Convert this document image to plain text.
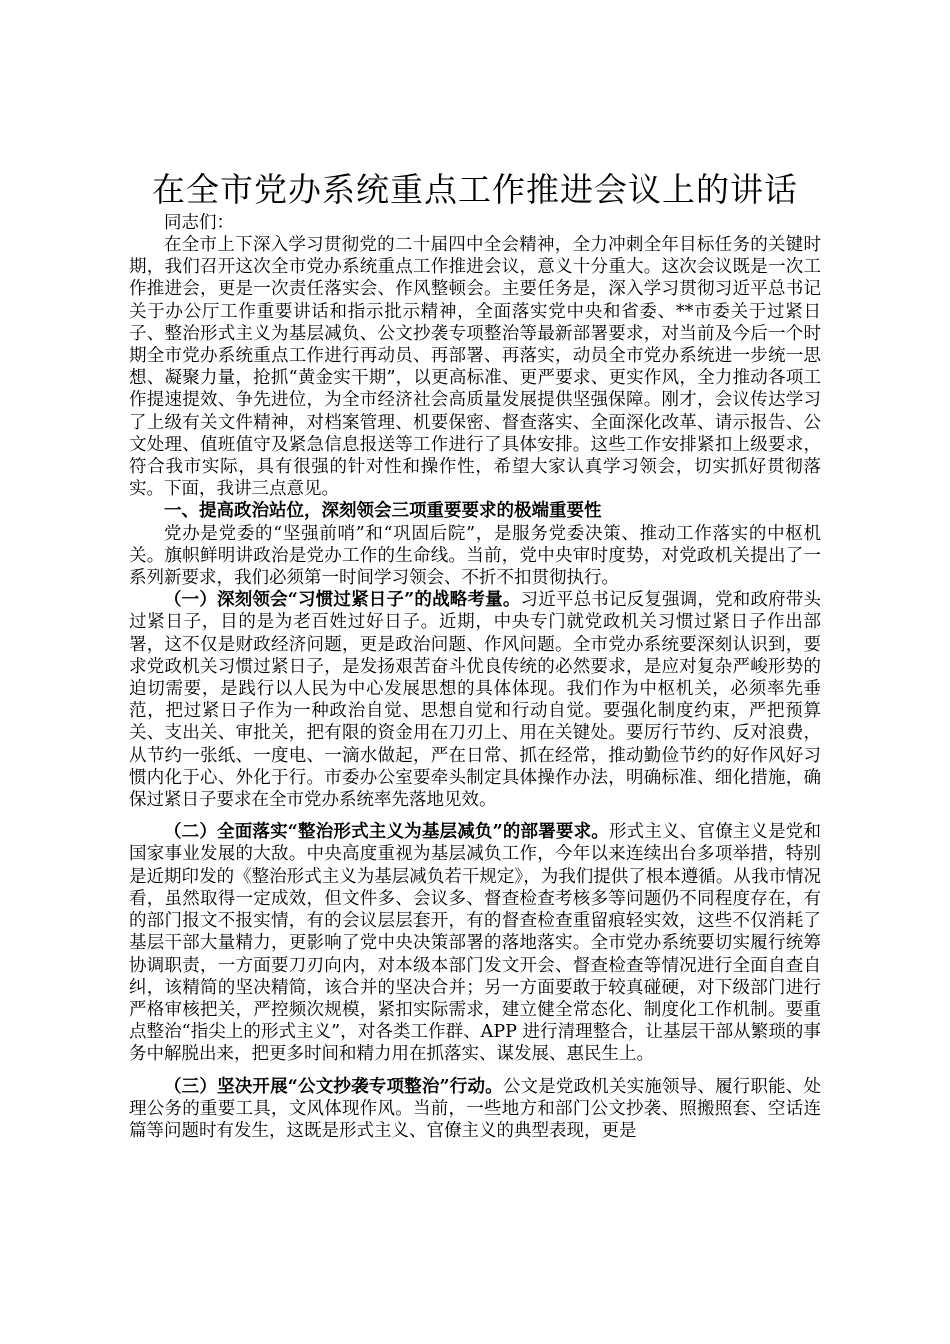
在全市党办系统重点工作推进会议上的讲话

同志们：

在全市上下深入学习贯彻党的二十届四中全会精神，全力冲刺全年目标任务的关键时期，我们召开这次全市党办系统重点工作推进会议，意义十分重大。这次会议既是一次工作推进会，更是一次责任落实会、作风整顿会。主要任务是，深入学习贯彻习近平总书记关于办公厅工作重要讲话和指示批示精神，全面落实党中央和省委、**市委关于过紧日子、整治形式主义为基层减负、公文抄袭专项整治等最新部署要求，对当前及今后一个时期全市党办系统重点工作进行再动员、再部署、再落实，动员全市党办系统进一步统一思想、凝聚力量，抢抓“黄金实干期”，以更高标准、更严要求、更实作风，全力推动各项工作提速提效、争先进位，为全市经济社会高质量发展提供坚强保障。刚才，会议传达学习了上级有关文件精神，对档案管理、机要保密、督查落实、全面深化改革、请示报告、公文处理、值班值守及紧急信息报送等工作进行了具体安排。这些工作安排紧扣上级要求，符合我市实际，具有很强的针对性和操作性，希望大家认真学习领会，切实抓好贯彻落实。下面，我讲三点意见。

一、提高政治站位，深刻领会三项重要要求的极端重要性

党办是党委的“坚强前哨”和“巩固后院”，是服务党委决策、推动工作落实的中枢机关。旗帜鲜明讲政治是党办工作的生命线。当前，党中央审时度势，对党政机关提出了一系列新要求，我们必须第一时间学习领会、不折不扣贯彻执行。

（一）深刻领会“习惯过紧日子”的战略考量。习近平总书记反复强调，党和政府带头过紧日子，目的是为老百姓过好日子。近期，中央专门就党政机关习惯过紧日子作出部署，这不仅是财政经济问题，更是政治问题、作风问题。全市党办系统要深刻认识到，要求党政机关习惯过紧日子，是发扬艰苦奋斗优良传统的必然要求，是应对复杂严峻形势的迫切需要，是践行以人民为中心发展思想的具体体现。我们作为中枢机关，必须率先垂范，把过紧日子作为一种政治自觉、思想自觉和行动自觉。要强化制度约束，严把预算关、支出关、审批关，把有限的资金用在刀刃上、用在关键处。要厉行节约、反对浪费，从节约一张纸、一度电、一滴水做起，严在日常、抓在经常，推动勤俭节约的好作风好习惯内化于心、外化于行。市委办公室要牵头制定具体操作办法，明确标准、细化措施，确保过紧日子要求在全市党办系统率先落地见效。

（二）全面落实“整治形式主义为基层减负”的部署要求。形式主义、官僚主义是党和国家事业发展的大敌。中央高度重视为基层减负工作，今年以来连续出台多项举措，特别是近期印发的《整治形式主义为基层减负若干规定》，为我们提供了根本遵循。从我市情况看，虽然取得一定成效，但文件多、会议多、督查检查考核多等问题仍不同程度存在，有的部门报文不报实情，有的会议层层套开，有的督查检查重留痕轻实效，这些不仅消耗了基层干部大量精力，更影响了党中央决策部署的落地落实。全市党办系统要切实履行统筹协调职责，一方面要刀刃向内，对本级本部门发文开会、督查检查等情况进行全面自查自纠，该精简的坚决精简，该合并的坚决合并；另一方面要敢于较真碰硬，对下级部门进行严格审核把关，严控频次规模，紧扣实际需求，建立健全常态化、制度化工作机制。要重点整治“指尖上的形式主义”，对各类工作群、APP 进行清理整合，让基层干部从繁琐的事务中解脱出来，把更多时间和精力用在抓落实、谋发展、惠民生上。

（三）坚决开展“公文抄袭专项整治”行动。公文是党政机关实施领导、履行职能、处理公务的重要工具，文风体现作风。当前，一些地方和部门公文抄袭、照搬照套、空话连篇等问题时有发生，这既是形式主义、官僚主义的典型表现，更是
